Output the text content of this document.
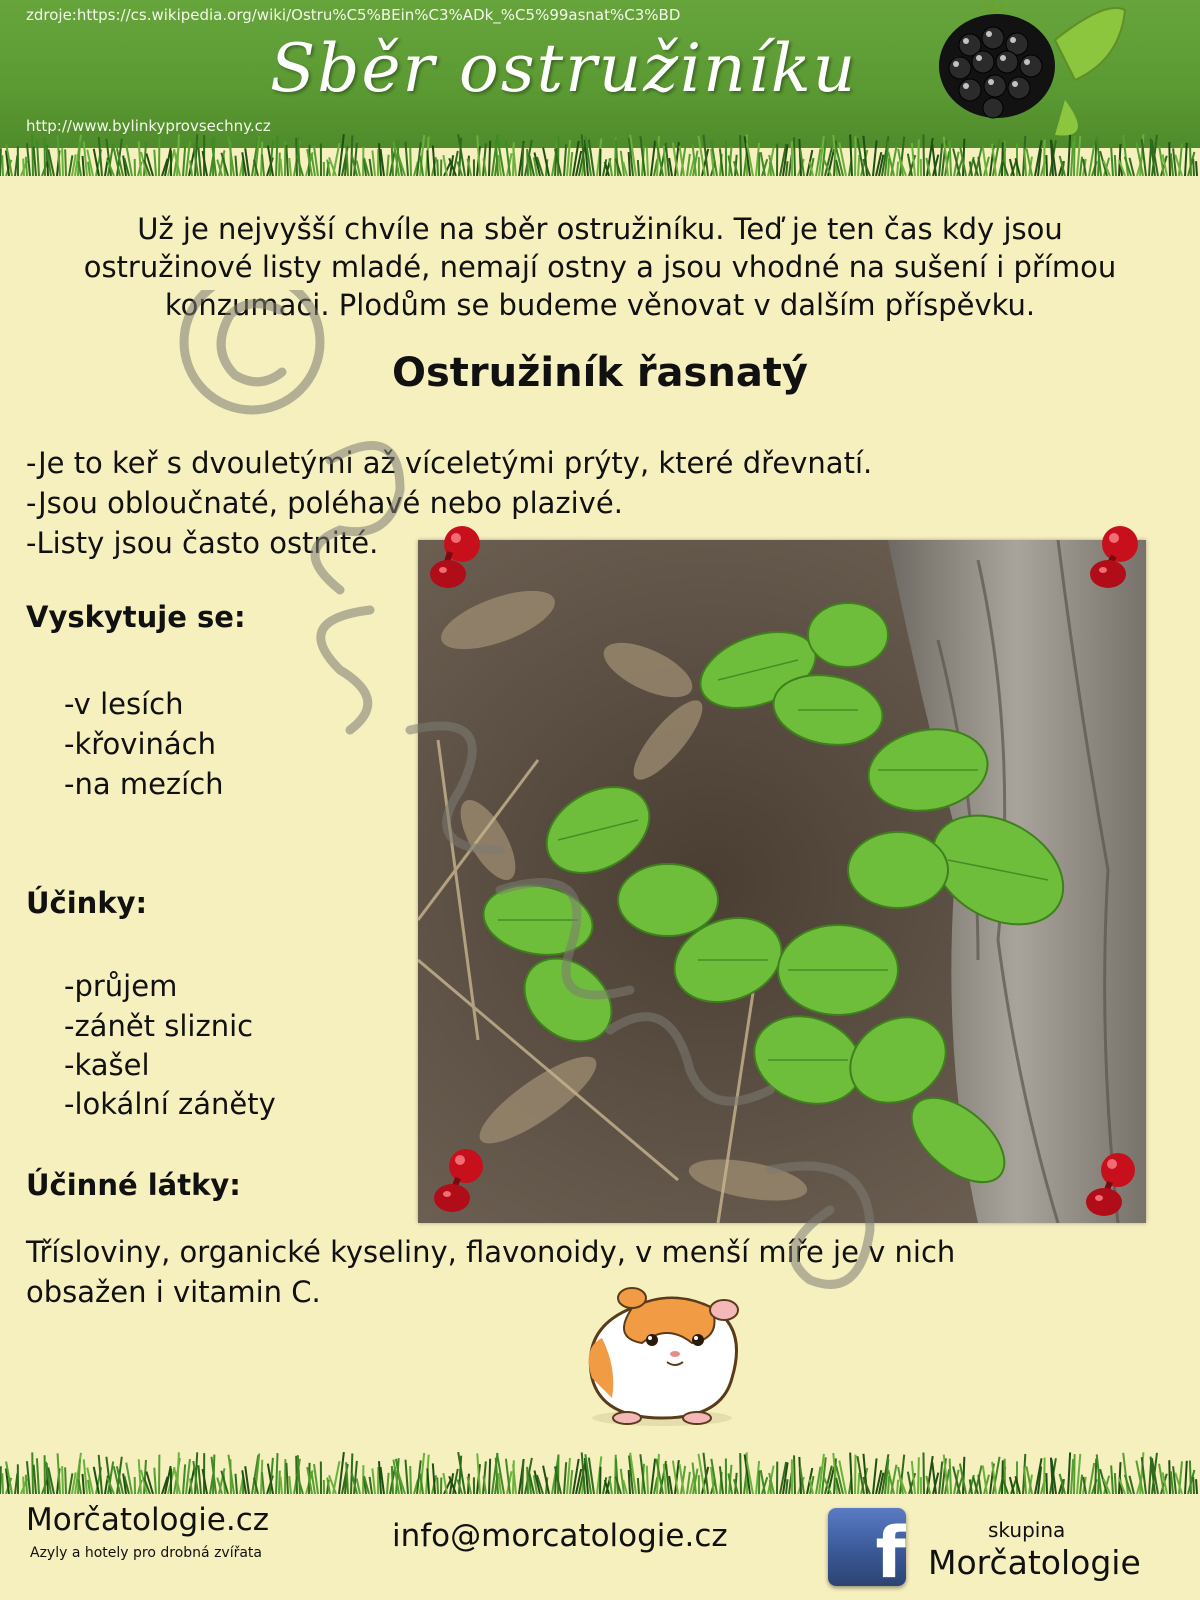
zdroje:https://cs.wikipedia.org/wiki/Ostru%C5%BEin%C3%ADk_%C5%99asnat%C3%BD
Sběr ostružiníku
http://www.bylinkyprovsechny.cz
Už je nejvyšší chvíle na sběr ostružiníku. Teď je ten čas kdy jsou
ostružinové listy mladé, nemají ostny a jsou vhodné na sušení i přímou
konzumaci. Plodům se budeme věnovat v dalším příspěvku.
Ostružiník řasnatý
-Je to keř s dvouletými až víceletými prýty, které dřevnatí.
-Jsou obloučnaté, poléhavé nebo plazivé.
-Listy jsou často ostnité.
Vyskytuje se:
-v lesích
-křovinách
-na mezích
Účinky:
-průjem
-zánět sliznic
-kašel
-lokální záněty
Účinné látky:
Třísloviny, organické kyseliny, flavonoidy, v menší míře je v nich
obsažen i vitamin C.
Morčatologie.cz
Azyly a hotely pro drobná zvířata	info@morcatologie.cz	f	skupina
Morčatologie
